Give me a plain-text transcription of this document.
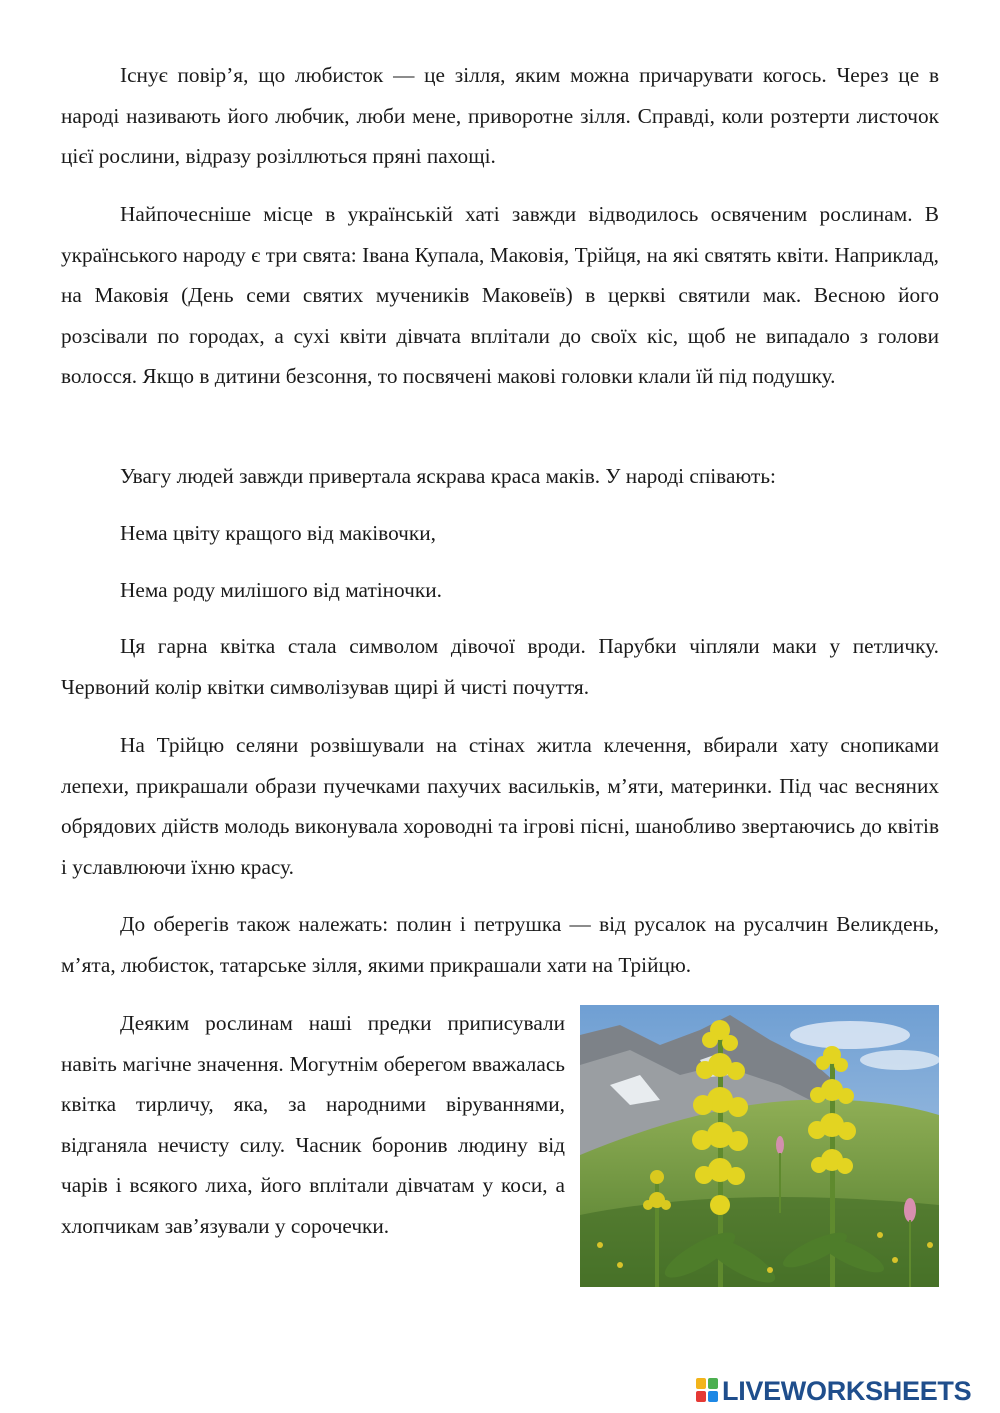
Існує повір’я, що любисток — це зілля, яким можна причарувати когось. Через це в народі називають його любчик, люби мене, приворотне зілля. Справді, коли розтерти листочок цієї рослини, відразу розіллються пряні пахощі.

Найпочесніше місце в українській хаті завжди відводилось освяченим рослинам. В українського народу є три свята: Івана Купала, Маковія, Трійця, на які святять квіти. Наприклад, на Маковія (День семи святих мучеників Маковеїв) в церкві святили мак. Весною його розсівали по городах, а сухі квіти дівчата вплітали до своїх кіс, щоб не випадало з голови волосся. Якщо в дитини безсоння, то посвячені макові головки клали їй під подушку.

Увагу людей завжди привертала яскрава краса маків. У народі співають:

Нема цвіту кращого від маківочки,

Нема роду милішого від матіночки.

Ця гарна квітка стала символом дівочої вроди. Парубки чіпляли маки у петличку. Червоний колір квітки символізував щирі й чисті почуття.

На Трійцю селяни розвішували на стінах житла клечення, вбирали хату снопиками лепехи, прикрашали образи пучечками пахучих васильків, м’яти, материнки. Під час весняних обрядових дійств молодь виконувала хороводні та ігрові пісні, шанобливо звертаючись до квітів і уславлюючи їхню красу.

До оберегів також належать: полин і петрушка — від русалок на русалчин Великдень, м’ята, любисток, татарське зілля, якими прикрашали хати на Трійцю.

Деяким рослинам наші предки приписували навіть магічне значення. Могутнім оберегом вважалась квітка тирличу, яка, за народними віруваннями, відганяла нечисту силу. Часник боронив людину від чарів і всякого лиха, його вплітали дівчатам у коси, а хлопчикам зав’язували у сорочечки.

LIVEWORKSHEETS
